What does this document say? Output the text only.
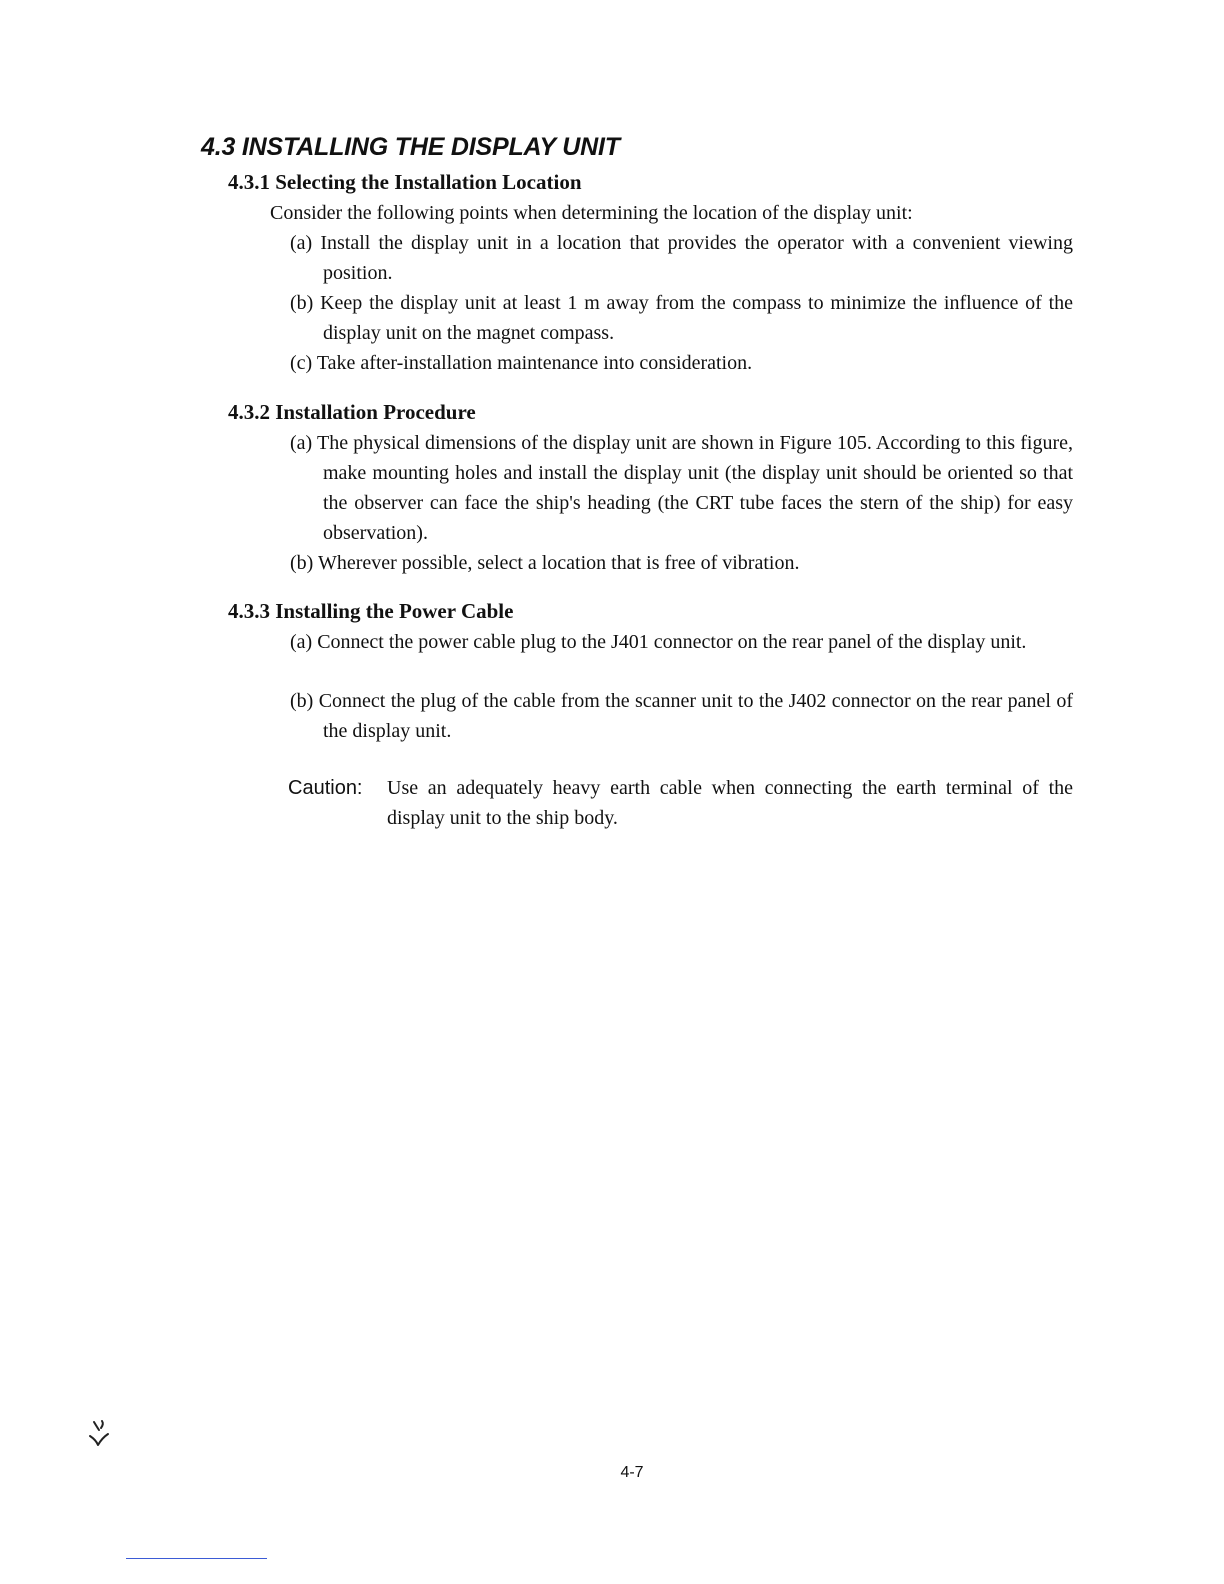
4.3 INSTALLING THE DISPLAY UNIT
4.3.1 Selecting the Installation Location

Consider the following points when determining the location of the display unit:

(a) Install the display unit in a location that provides the operator with a convenient viewing position.

(b) Keep the display unit at least 1 m away from the compass to minimize the influence of the display unit on the magnet compass.

(c) Take after-installation maintenance into consideration.

4.3.2 Installation Procedure

(a) The physical dimensions of the display unit are shown in Figure 105. According to this figure, make mounting holes and install the display unit (the display unit should be oriented so that the observer can face the ship's heading (the CRT tube faces the stern of the ship) for easy observation).

(b) Wherever possible, select a location that is free of vibration.

4.3.3 Installing the Power Cable

(a) Connect the power cable plug to the J401 connector on the rear panel of the display unit.

(b) Connect the plug of the cable from the scanner unit to the J402 connector on the rear panel of the display unit.

Caution:	Use an adequately heavy earth cable when connecting the earth terminal of the display unit to the ship body.
4-7
